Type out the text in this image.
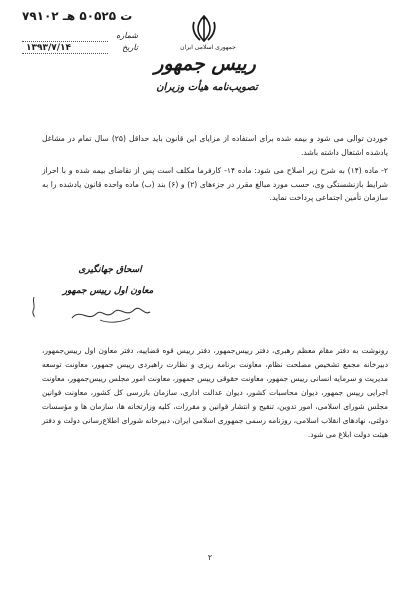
جمهوری اسلامی ایران
رییس جمهور
تصویب‌نامه هیأت وزیران
۷۹۱۰۲ ت ۵۰۵۲۵ هـ
شماره
تاریخ
۱۳۹۳/۷/۱۴
خوردن توالی می شود و بیمه شده برای استفاده از مزایای این قانون باید حداقل (۲۵) سال تمام در مشاغل یادشده اشتغال داشته باشد.
۲- ماده (۱۴) به شرح زیر اصلاح می شود: ماده ۱۴- کارفرما مکلف است پس از تقاضای بیمه شده و با احراز شرایط بازنشستگی وی، حسب مورد مبالغ مقرر در جزءهای (۲) و (۶) بند (ب) ماده واحده قانون یادشده را به سازمان تأمین اجتماعی پرداخت نماید.
اسحاق جهانگیری
معاون اول رییس جمهور
رونوشت به دفتر مقام معظم رهبری، دفتر رییس‌جمهور، دفتر رییس قوه قضاییه، دفتر معاون اول رییس‌جمهور، دبیرخانه مجمع تشخیص مصلحت نظام، معاونت برنامه ریزی و نظارت راهبردی رییس جمهور، معاونت توسعه مدیریت و سرمایه انسانی رییس جمهور، معاونت حقوقی رییس جمهور، معاونت امور مجلس رییس‌جمهور، معاونت اجرایی رییس جمهور، دیوان محاسبات کشور، دیوان عدالت اداری، سازمان بازرسی کل کشور، معاونت قوانین مجلس شورای اسلامی، امور تدوین، تنقیح و انتشار قوانین و مقررات، کلیه وزارتخانه ها، سازمان ها و مؤسسات دولتی، نهادهای انقلاب اسلامی، روزنامه رسمی جمهوری اسلامی ایران، دبیرخانه شورای اطلاع‌رسانی دولت و دفتر هیئت دولت ابلاغ می شود.
۲
